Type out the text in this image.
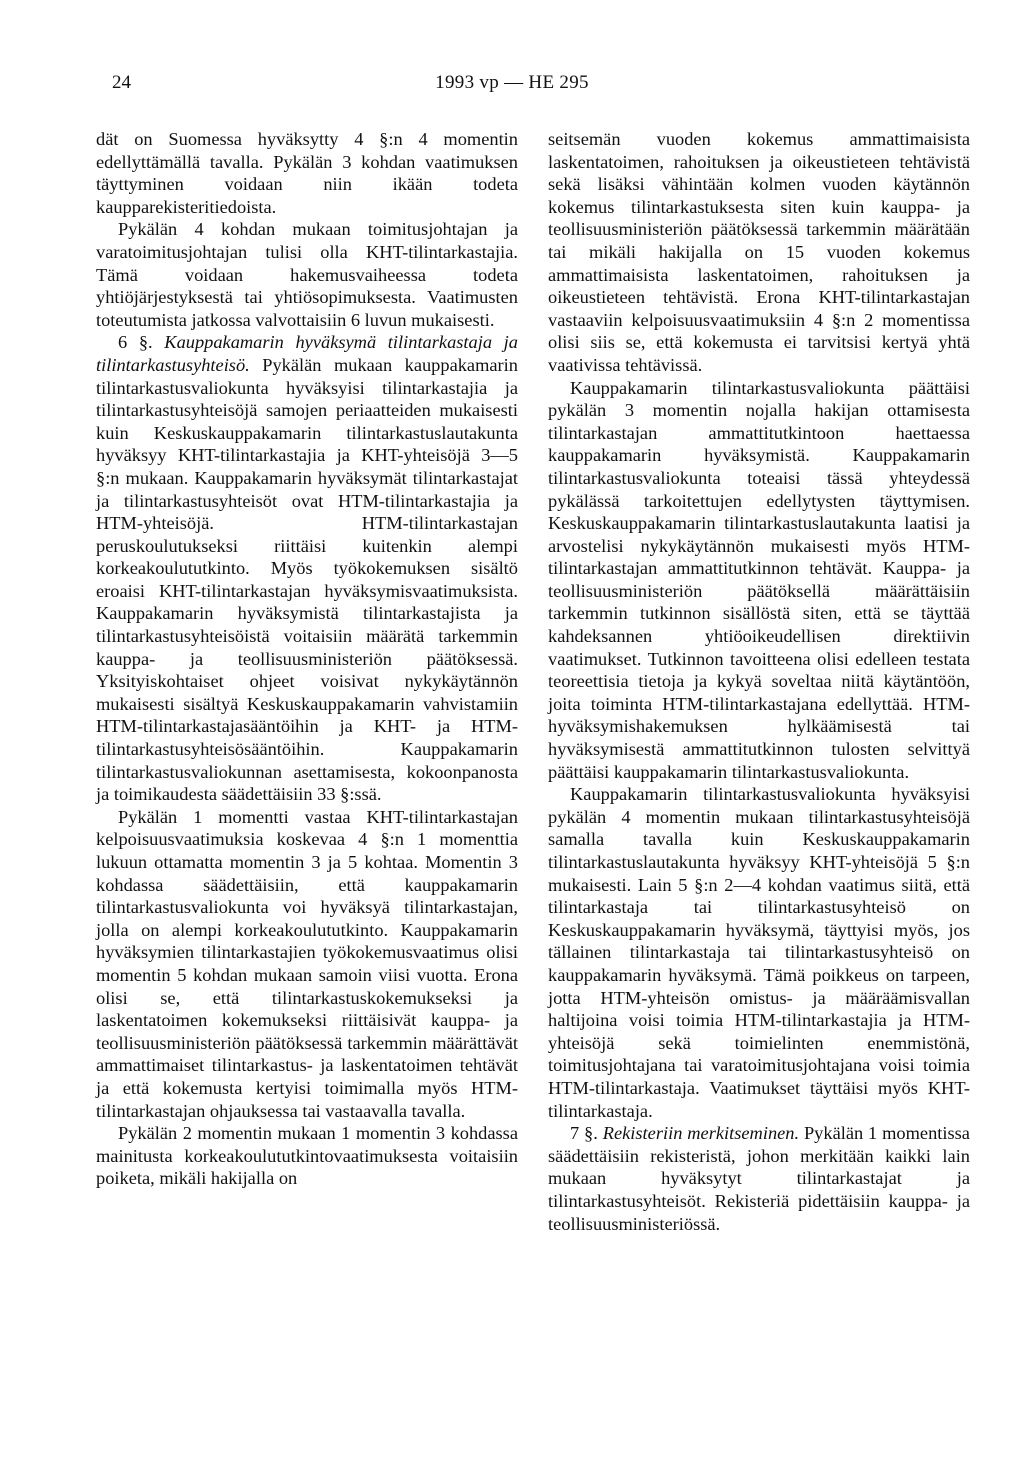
24	1993 vp — HE 295

dät on Suomessa hyväksytty 4 §:n 4 momentin edellyttämällä tavalla. Pykälän 3 kohdan vaatimuksen täyttyminen voidaan niin ikään todeta kaupparekisteritiedoista.

Pykälän 4 kohdan mukaan toimitusjohtajan ja varatoimitusjohtajan tulisi olla KHT-tilintarkastajia. Tämä voidaan hakemusvaiheessa todeta yhtiöjärjestyksestä tai yhtiösopimuksesta. Vaatimusten toteutumista jatkossa valvottaisiin 6 luvun mukaisesti.

6 §. Kauppakamarin hyväksymä tilintarkastaja ja tilintarkastusyhteisö. Pykälän mukaan kauppakamarin tilintarkastusvaliokunta hyväksyisi tilintarkastajia ja tilintarkastusyhteisöjä samojen periaatteiden mukaisesti kuin Keskuskauppakamarin tilintarkastuslautakunta hyväksyy KHT-tilintarkastajia ja KHT-yhteisöjä 3—5 §:n mukaan. Kauppakamarin hyväksymät tilintarkastajat ja tilintarkastusyhteisöt ovat HTM-tilintarkastajia ja HTM-yhteisöjä. HTM-tilintarkastajan peruskoulutukseksi riittäisi kuitenkin alempi korkeakoulututkinto. Myös työkokemuksen sisältö eroaisi KHT-tilintarkastajan hyväksymisvaatimuksista. Kauppakamarin hyväksymistä tilintarkastajista ja tilintarkastusyhteisöistä voitaisiin määrätä tarkemmin kauppa- ja teollisuusministeriön päätöksessä. Yksityiskohtaiset ohjeet voisivat nykykäytännön mukaisesti sisältyä Keskuskauppakamarin vahvistamiin HTM-tilintarkastajasääntöihin ja KHT- ja HTM-tilintarkastusyhteisösääntöihin. Kauppakamarin tilintarkastusvaliokunnan asettamisesta, kokoonpanosta ja toimikaudesta säädettäisiin 33 §:ssä.

Pykälän 1 momentti vastaa KHT-tilintarkastajan kelpoisuusvaatimuksia koskevaa 4 §:n 1 momenttia lukuun ottamatta momentin 3 ja 5 kohtaa. Momentin 3 kohdassa säädettäisiin, että kauppakamarin tilintarkastusvaliokunta voi hyväksyä tilintarkastajan, jolla on alempi korkeakoulututkinto. Kauppakamarin hyväksymien tilintarkastajien työkokemusvaatimus olisi momentin 5 kohdan mukaan samoin viisi vuotta. Erona olisi se, että tilintarkastuskokemukseksi ja laskentatoimen kokemukseksi riittäisivät kauppa- ja teollisuusministeriön päätöksessä tarkemmin määrättävät ammattimaiset tilintarkastus- ja laskentatoimen tehtävät ja että kokemusta kertyisi toimimalla myös HTM-tilintarkastajan ohjauksessa tai vastaavalla tavalla.

Pykälän 2 momentin mukaan 1 momentin 3 kohdassa mainitusta korkeakoulututkintovaatimuksesta voitaisiin poiketa, mikäli hakijalla on

seitsemän vuoden kokemus ammattimaisista laskentatoimen, rahoituksen ja oikeustieteen tehtävistä sekä lisäksi vähintään kolmen vuoden käytännön kokemus tilintarkastuksesta siten kuin kauppa- ja teollisuusministeriön päätöksessä tarkemmin määrätään tai mikäli hakijalla on 15 vuoden kokemus ammattimaisista laskentatoimen, rahoituksen ja oikeustieteen tehtävistä. Erona KHT-tilintarkastajan vastaaviin kelpoisuusvaatimuksiin 4 §:n 2 momentissa olisi siis se, että kokemusta ei tarvitsisi kertyä yhtä vaativissa tehtävissä.

Kauppakamarin tilintarkastusvaliokunta päättäisi pykälän 3 momentin nojalla hakijan ottamisesta tilintarkastajan ammattitutkintoon haettaessa kauppakamarin hyväksymistä. Kauppakamarin tilintarkastusvaliokunta toteaisi tässä yhteydessä pykälässä tarkoitettujen edellytysten täyttymisen. Keskuskauppakamarin tilintarkastuslautakunta laatisi ja arvostelisi nykykäytännön mukaisesti myös HTM-tilintarkastajan ammattitutkinnon tehtävät. Kauppa- ja teollisuusministeriön päätöksellä määrättäisiin tarkemmin tutkinnon sisällöstä siten, että se täyttää kahdeksannen yhtiöoikeudellisen direktiivin vaatimukset. Tutkinnon tavoitteena olisi edelleen testata teoreettisia tietoja ja kykyä soveltaa niitä käytäntöön, joita toiminta HTM-tilintarkastajana edellyttää. HTM-hyväksymishakemuksen hylkäämisestä tai hyväksymisestä ammattitutkinnon tulosten selvittyä päättäisi kauppakamarin tilintarkastusvaliokunta.

Kauppakamarin tilintarkastusvaliokunta hyväksyisi pykälän 4 momentin mukaan tilintarkastusyhteisöjä samalla tavalla kuin Keskuskauppakamarin tilintarkastuslautakunta hyväksyy KHT-yhteisöjä 5 §:n mukaisesti. Lain 5 §:n 2—4 kohdan vaatimus siitä, että tilintarkastaja tai tilintarkastusyhteisö on Keskuskauppakamarin hyväksymä, täyttyisi myös, jos tällainen tilintarkastaja tai tilintarkastusyhteisö on kauppakamarin hyväksymä. Tämä poikkeus on tarpeen, jotta HTM-yhteisön omistus- ja määräämisvallan haltijoina voisi toimia HTM-tilintarkastajia ja HTM-yhteisöjä sekä toimielinten enemmistönä, toimitusjohtajana tai varatoimitusjohtajana voisi toimia HTM-tilintarkastaja. Vaatimukset täyttäisi myös KHT-tilintarkastaja.

7 §. Rekisteriin merkitseminen. Pykälän 1 momentissa säädettäisiin rekisteristä, johon merkitään kaikki lain mukaan hyväksytyt tilintarkastajat ja tilintarkastusyhteisöt. Rekisteriä pidettäisiin kauppa- ja teollisuusministeriössä.
